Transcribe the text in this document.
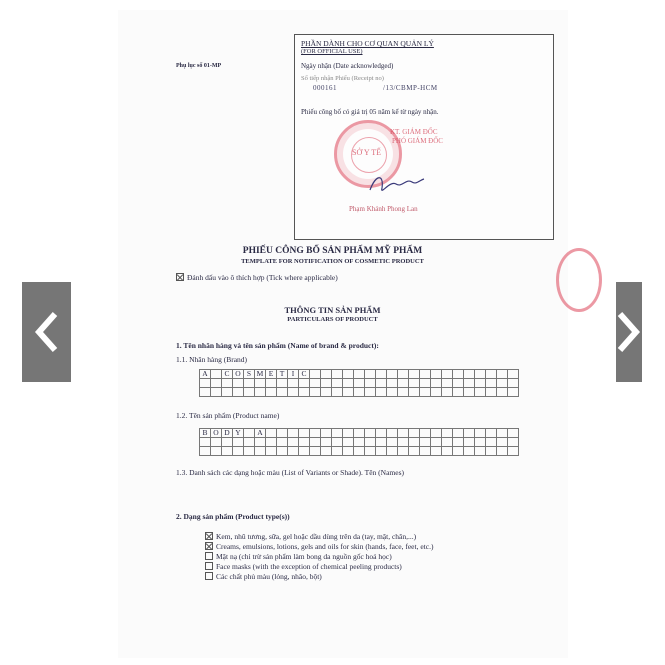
Phụ lục số 01-MP
PHẦN DÀNH CHO CƠ QUAN QUẢN LÝ
(FOR OFFICIAL USE)
Ngày nhận (Date acknowledged)
Số tiếp nhận Phiếu (Receipt no)
000161	/13/CBMP-HCM
Phiếu công bố có giá trị 05 năm kể từ ngày nhận.
Phạm Khánh Phong Lan
SỞ Y TẾ
KT. GIÁM ĐỐC
PHÓ GIÁM ĐỐC
PHIẾU CÔNG BỐ SẢN PHẨM MỸ PHẨM
TEMPLATE FOR NOTIFICATION OF COSMETIC PRODUCT
Đánh dấu vào ô thích hợp (Tick where applicable)
THÔNG TIN SẢN PHẨM
PARTICULARS OF PRODUCT
1. Tên nhãn hàng và tên sản phẩm (Name of brand & product):
1.1. Nhãn hàng (Brand)
A		C	O	S	M	E	T	I	C																			

1.2. Tên sản phẩm (Product name)
B	O	D	Y		A																							

1.3. Danh sách các dạng hoặc màu (List of Variants or Shade). Tên (Names)
2. Dạng sản phẩm (Product type(s))
Kem, nhũ tương, sữa, gel hoặc dầu dùng trên da (tay, mặt, chân,...)
Creams, emulsions, lotions, gels and oils for skin (hands, face, feet, etc.)
Mặt nạ (chỉ trừ sản phẩm làm bong da nguồn gốc hoá học)
Face masks (with the exception of chemical peeling products)
Các chất phủ màu (lỏng, nhão, bột)
